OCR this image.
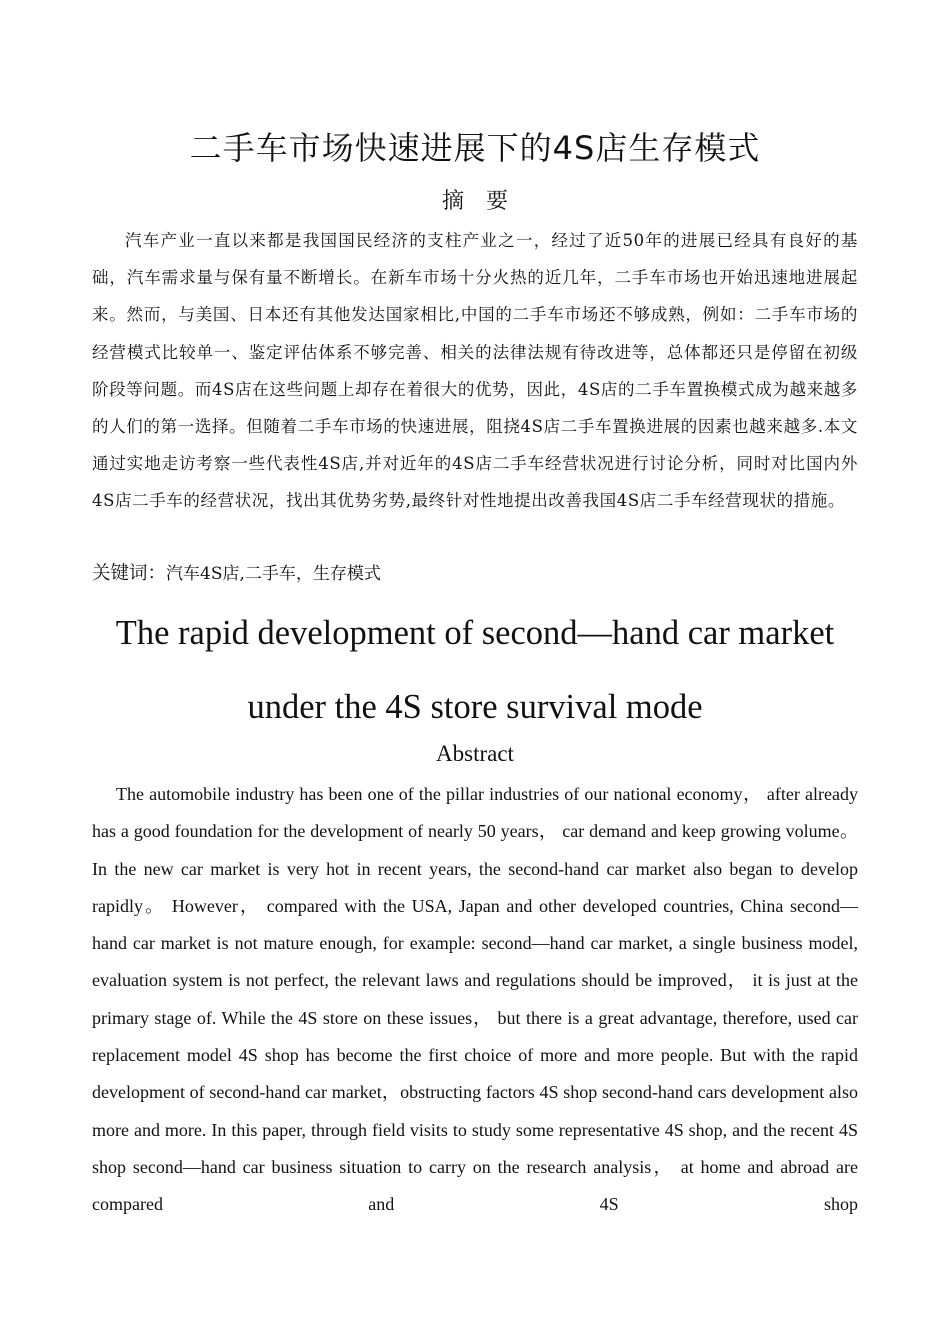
二手车市场快速进展下的4S店生存模式
摘要

汽车产业一直以来都是我国国民经济的支柱产业之一，经过了近50年的进展已经具有良好的基础，汽车需求量与保有量不断增长。在新车市场十分火热的近几年，二手车市场也开始迅速地进展起来。然而，与美国、日本还有其他发达国家相比,中国的二手车市场还不够成熟，例如：二手车市场的经营模式比较单一、鉴定评估体系不够完善、相关的法律法规有待改进等，总体都还只是停留在初级阶段等问题。而4S店在这些问题上却存在着很大的优势，因此，4S店的二手车置换模式成为越来越多的人们的第一选择。但随着二手车市场的快速进展，阻挠4S店二手车置换进展的因素也越来越多.本文通过实地走访考察一些代表性4S店,并对近年的4S店二手车经营状况进行讨论分析，同时对比国内外4S店二手车的经营状况，找出其优势劣势,最终针对性地提出改善我国4S店二手车经营现状的措施。

关键词：汽车4S店,二手车，生存模式
The rapid development of second—hand car market
under the 4S store survival mode
Abstract

The automobile industry has been one of the pillar industries of our national economy， after already has a good foundation for the development of nearly 50 years， car demand and keep growing volume。 In the new car market is very hot in recent years, the second-hand car market also began to develop rapidly。 However， compared with the USA, Japan and other developed countries, China second—hand car market is not mature enough, for example: second—hand car market, a single business model, evaluation system is not perfect, the relevant laws and regulations should be improved， it is just at the primary stage of. While the 4S store on these issues， but there is a great advantage, therefore, used car replacement model 4S shop has become the first choice of more and more people. But with the rapid development of second-hand car market，obstructing factors 4S shop second-hand cars development also more and more. In this paper, through field visits to study some representative 4S shop, and the recent 4S shop second—hand car business situation to carry on the research analysis， at home and abroad are compared and 4S shop
